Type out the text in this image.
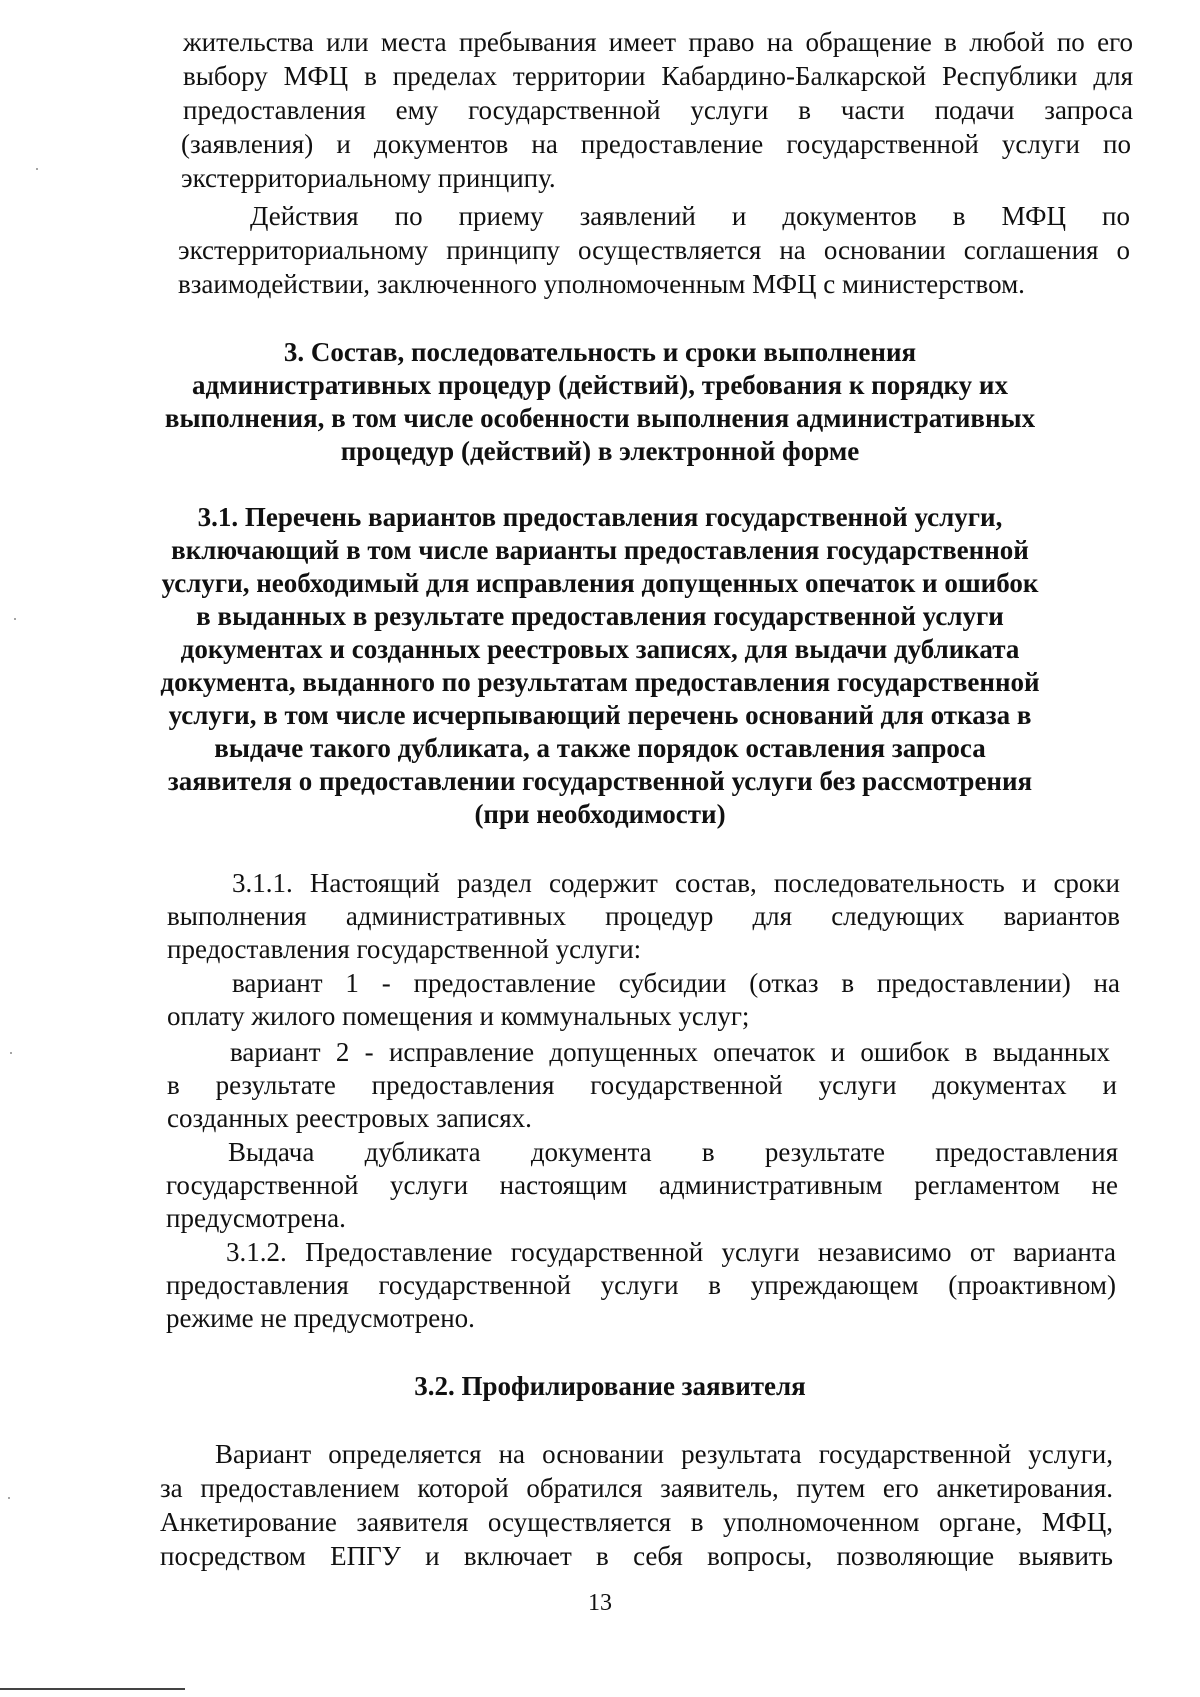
жительства или места пребывания имеет право на обращение в любой по его
выбору МФЦ в пределах территории Кабардино-Балкарской Республики для
предоставления ему государственной услуги в части подачи запроса
(заявления) и документов на предоставление государственной услуги по
экстерриториальному принципу.
Действия по приему заявлений и документов в МФЦ по
экстерриториальному принципу осуществляется на основании соглашения о
взаимодействии, заключенного уполномоченным МФЦ с министерством.
3. Состав, последовательность и сроки выполнения
административных процедур (действий), требования к порядку их
выполнения, в том числе особенности выполнения административных
процедур (действий) в электронной форме
3.1. Перечень вариантов предоставления государственной услуги,
включающий в том числе варианты предоставления государственной
услуги, необходимый для исправления допущенных опечаток и ошибок
в выданных в результате предоставления государственной услуги
документах и созданных реестровых записях, для выдачи дубликата
документа, выданного по результатам предоставления государственной
услуги, в том числе исчерпывающий перечень оснований для отказа в
выдаче такого дубликата, а также порядок оставления запроса
заявителя о предоставлении государственной услуги без рассмотрения
(при необходимости)
3.1.1. Настоящий раздел содержит состав, последовательность и сроки
выполнения административных процедур для следующих вариантов
предоставления государственной услуги:
вариант 1 - предоставление субсидии (отказ в предоставлении) на
оплату жилого помещения и коммунальных услуг;
вариант 2 - исправление допущенных опечаток и ошибок в выданных
в результате предоставления государственной услуги документах и
созданных реестровых записях.
Выдача дубликата документа в результате предоставления
государственной услуги настоящим административным регламентом не
предусмотрена.
3.1.2. Предоставление государственной услуги независимо от варианта
предоставления государственной услуги в упреждающем (проактивном)
режиме не предусмотрено.
3.2. Профилирование заявителя
Вариант определяется на основании результата государственной услуги,
за предоставлением которой обратился заявитель, путем его анкетирования.
Анкетирование заявителя осуществляется в уполномоченном органе, МФЦ,
посредством ЕПГУ и включает в себя вопросы, позволяющие выявить
13
